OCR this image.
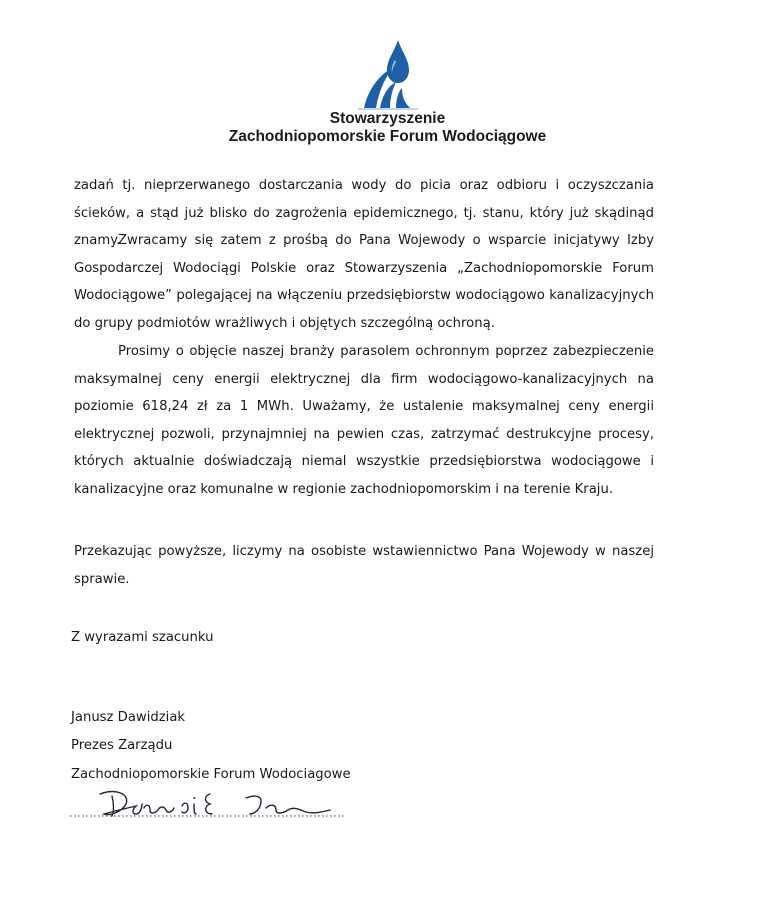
Stowarzyszenie
Zachodniopomorskie Forum Wodociągowe

zadań tj. nieprzerwanego dostarczania wody do picia oraz odbioru i oczyszczania ścieków, a stąd już blisko do zagrożenia epidemicznego, tj. stanu, który już skądinąd znamy.

Zwracamy się zatem z prośbą do Pana Wojewody o wsparcie inicjatywy Izby Gospodarczej Wodociągi Polskie oraz Stowarzyszenia „Zachodniopomorskie Forum Wodociągowe” polegającej na włączeniu przedsiębiorstw wodociągowo kanalizacyjnych do grupy podmiotów wrażliwych i objętych szczególną ochroną.

Prosimy o objęcie naszej branży parasolem ochronnym poprzez zabezpieczenie maksymalnej ceny energii elektrycznej dla firm wodociągowo-kanalizacyjnych na poziomie 618,24 zł za 1 MWh. Uważamy, że ustalenie maksymalnej ceny energii elektrycznej pozwoli, przynajmniej na pewien czas, zatrzymać destrukcyjne procesy, których aktualnie doświadczają niemal wszystkie przedsiębiorstwa wodociągowe i kanalizacyjne oraz komunalne w regionie zachodniopomorskim i na terenie Kraju.

Przekazując powyższe, liczymy na osobiste wstawiennictwo Pana Wojewody w naszej sprawie.

Z wyrazami szacunku
Janusz Dawidziak
Prezes Zarządu
Zachodniopomorskie Forum Wodociagowe
